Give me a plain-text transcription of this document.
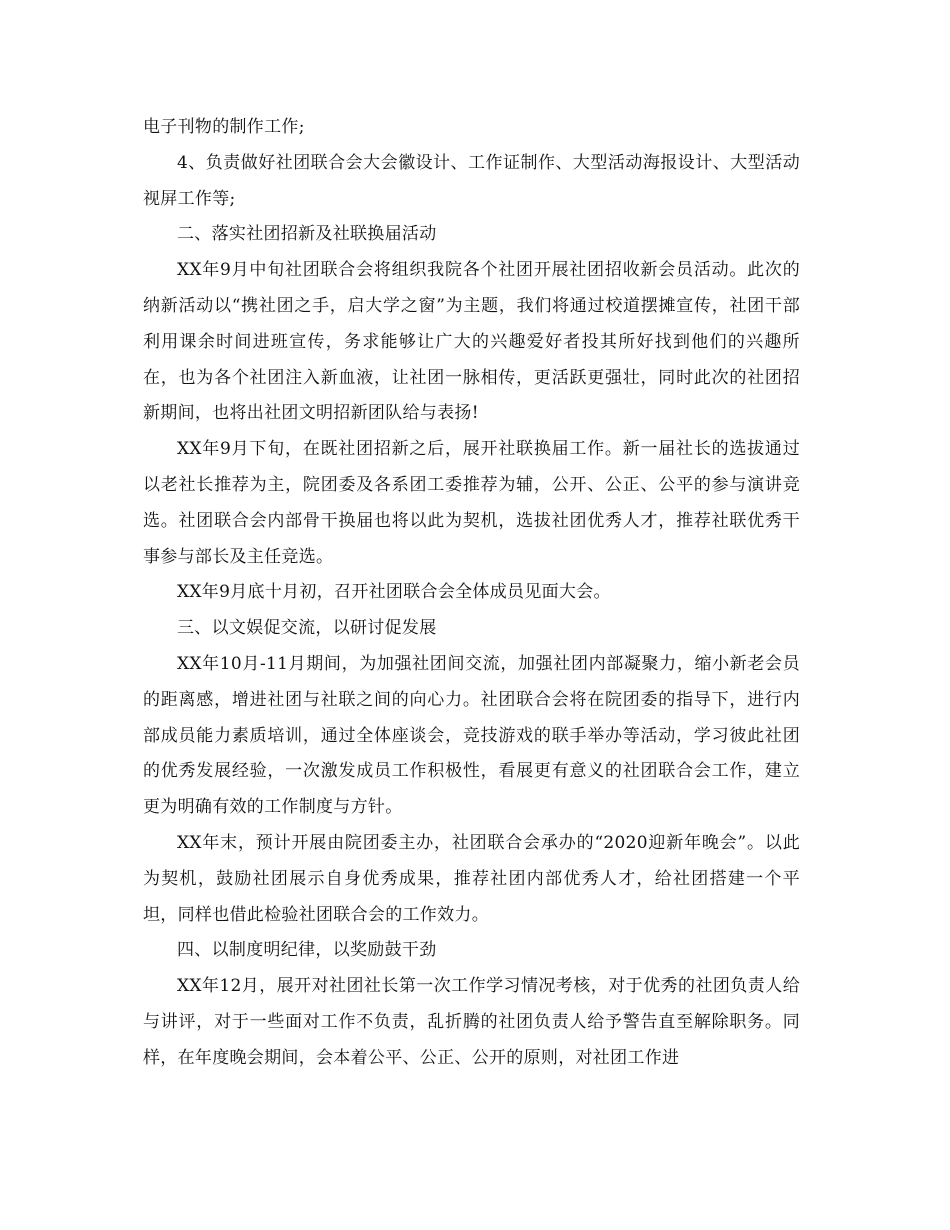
电子刊物的制作工作;

4、负责做好社团联合会大会徽设计、工作证制作、大型活动海报设计、大型活动视屏工作等;

二、落实社团招新及社联换届活动

XX年9月中旬社团联合会将组织我院各个社团开展社团招收新会员活动。此次的纳新活动以“携社团之手，启大学之窗”为主题，我们将通过校道摆摊宣传，社团干部利用课余时间进班宣传，务求能够让广大的兴趣爱好者投其所好找到他们的兴趣所在，也为各个社团注入新血液，让社团一脉相传，更活跃更强壮，同时此次的社团招新期间，也将出社团文明招新团队给与表扬!

XX年9月下旬，在既社团招新之后，展开社联换届工作。新一届社长的选拔通过以老社长推荐为主，院团委及各系团工委推荐为辅，公开、公正、公平的参与演讲竞选。社团联合会内部骨干换届也将以此为契机，选拔社团优秀人才，推荐社联优秀干事参与部长及主任竞选。

XX年9月底十月初，召开社团联合会全体成员见面大会。

三、以文娱促交流，以研讨促发展

XX年10月-11月期间，为加强社团间交流，加强社团内部凝聚力，缩小新老会员的距离感，增进社团与社联之间的向心力。社团联合会将在院团委的指导下，进行内部成员能力素质培训，通过全体座谈会，竞技游戏的联手举办等活动，学习彼此社团的优秀发展经验，一次激发成员工作积极性，看展更有意义的社团联合会工作，建立更为明确有效的工作制度与方针。

XX年末，预计开展由院团委主办，社团联合会承办的“2020迎新年晚会”。以此为契机，鼓励社团展示自身优秀成果，推荐社团内部优秀人才，给社团搭建一个平坦，同样也借此检验社团联合会的工作效力。

四、以制度明纪律，以奖励鼓干劲

XX年12月，展开对社团社长第一次工作学习情况考核，对于优秀的社团负责人给与讲评，对于一些面对工作不负责，乱折腾的社团负责人给予警告直至解除职务。同样，在年度晚会期间，会本着公平、公正、公开的原则，对社团工作进
